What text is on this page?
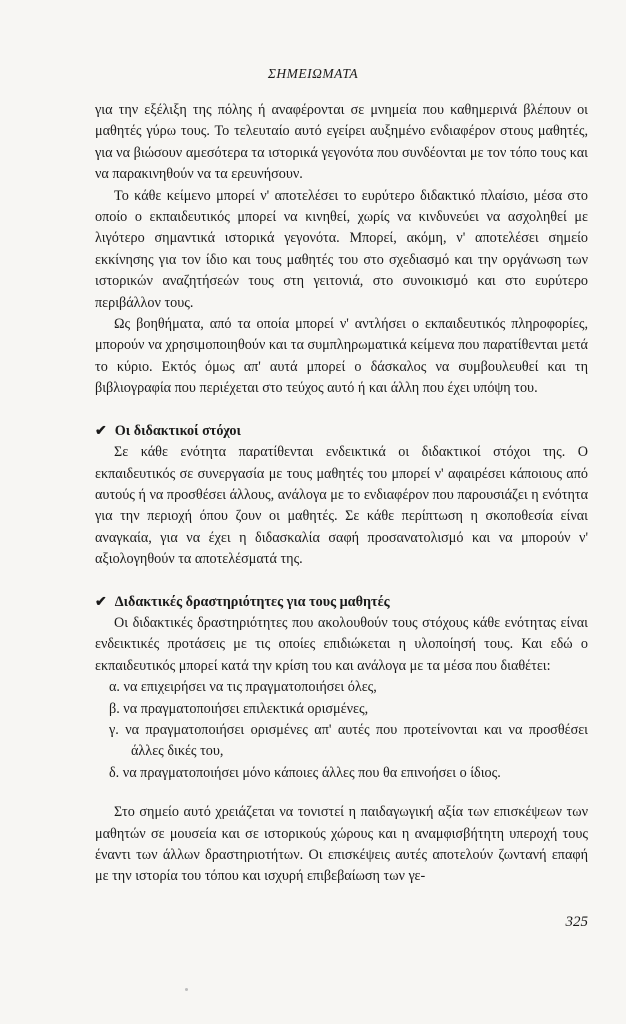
ΣΗΜΕΙΩΜΑΤΑ

για την εξέλιξη της πόλης ή αναφέρονται σε μνημεία που καθημερινά βλέπουν οι μαθητές γύρω τους. Το τελευταίο αυτό εγείρει αυξημένο ενδιαφέρον στους μαθητές, για να βιώσουν αμεσότερα τα ιστορικά γεγονότα που συνδέονται με τον τόπο τους και να παρακινηθούν να τα ερευνήσουν.

Το κάθε κείμενο μπορεί ν' αποτελέσει το ευρύτερο διδακτικό πλαίσιο, μέσα στο οποίο ο εκπαιδευτικός μπορεί να κινηθεί, χωρίς να κινδυνεύει να ασχοληθεί με λιγότερο σημαντικά ιστορικά γεγονότα. Μπορεί, ακόμη, ν' αποτελέσει σημείο εκκίνησης για τον ίδιο και τους μαθητές του στο σχεδιασμό και την οργάνωση των ιστορικών αναζητήσεών τους στη γειτονιά, στο συνοικισμό και στο ευρύτερο περιβάλλον τους.

Ως βοηθήματα, από τα οποία μπορεί ν' αντλήσει ο εκπαιδευτικός πληροφορίες, μπορούν να χρησιμοποιηθούν και τα συμπληρωματικά κείμενα που παρατίθενται μετά το κύριο. Εκτός όμως απ' αυτά μπορεί ο δάσκαλος να συμβουλευθεί και τη βιβλιογραφία που περιέχεται στο τεύχος αυτό ή και άλλη που έχει υπόψη του.

✔ Οι διδακτικοί στόχοι

Σε κάθε ενότητα παρατίθενται ενδεικτικά οι διδακτικοί στόχοι της. Ο εκπαιδευτικός σε συνεργασία με τους μαθητές του μπορεί ν' αφαιρέσει κάποιους από αυτούς ή να προσθέσει άλλους, ανάλογα με το ενδιαφέρον που παρουσιάζει η ενότητα για την περιοχή όπου ζουν οι μαθητές. Σε κάθε περίπτωση η σκοποθεσία είναι αναγκαία, για να έχει η διδασκαλία σαφή προσανατολισμό και να μπορούν ν' αξιολογηθούν τα αποτελέσματά της.

✔ Διδακτικές δραστηριότητες για τους μαθητές

Οι διδακτικές δραστηριότητες που ακολουθούν τους στόχους κάθε ενότητας είναι ενδεικτικές προτάσεις με τις οποίες επιδιώκεται η υλοποίησή τους. Και εδώ ο εκπαιδευτικός μπορεί κατά την κρίση του και ανάλογα με τα μέσα που διαθέτει:

α. να επιχειρήσει να τις πραγματοποιήσει όλες,
β. να πραγματοποιήσει επιλεκτικά ορισμένες,
γ. να πραγματοποιήσει ορισμένες απ' αυτές που προτείνονται και να προσθέσει άλλες δικές του,
δ. να πραγματοποιήσει μόνο κάποιες άλλες που θα επινοήσει ο ίδιος.

Στο σημείο αυτό χρειάζεται να τονιστεί η παιδαγωγική αξία των επισκέψεων των μαθητών σε μουσεία και σε ιστορικούς χώρους και η αναμφισβήτητη υπεροχή τους έναντι των άλλων δραστηριοτήτων. Οι επισκέψεις αυτές αποτελούν ζωντανή επαφή με την ιστορία του τόπου και ισχυρή επιβεβαίωση των γε-

325
